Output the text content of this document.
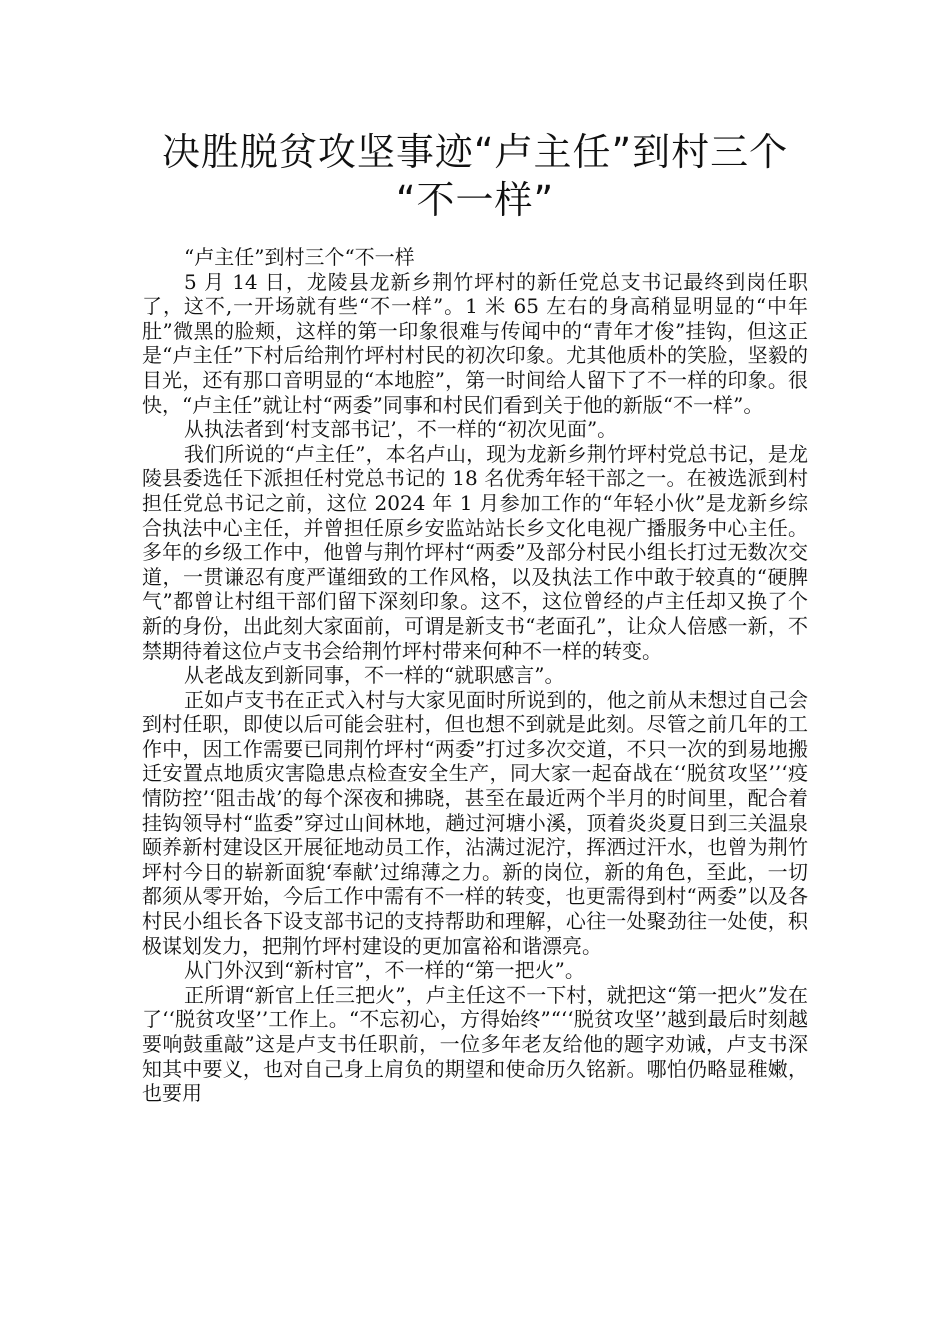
决胜脱贫攻坚事迹“卢主任”到村三个
“不一样”

“卢主任”到村三个“不一样

5 月 14 日，龙陵县龙新乡荆竹坪村的新任党总支书记最终到岗任职了，这不,一开场就有些“不一样”。1 米 65 左右的身高稍显明显的“中年肚”微黑的脸颊，这样的第一印象很难与传闻中的“青年才俊”挂钩，但这正是“卢主任”下村后给荆竹坪村村民的初次印象。尤其他质朴的笑脸，坚毅的目光，还有那口音明显的“本地腔”，第一时间给人留下了不一样的印象。很快，“卢主任”就让村“两委”同事和村民们看到关于他的新版“不一样”。

从执法者到‘村支部书记’，不一样的“初次见面”。

我们所说的“卢主任”，本名卢山，现为龙新乡荆竹坪村党总书记，是龙陵县委选任下派担任村党总书记的 18 名优秀年轻干部之一。在被选派到村担任党总书记之前，这位 2024 年 1 月参加工作的“年轻小伙”是龙新乡综合执法中心主任，并曾担任原乡安监站站长乡文化电视广播服务中心主任。多年的乡级工作中，他曾与荆竹坪村“两委”及部分村民小组长打过无数次交道，一贯谦忍有度严谨细致的工作风格，以及执法工作中敢于较真的“硬脾气”都曾让村组干部们留下深刻印象。这不，这位曾经的卢主任却又换了个新的身份，出此刻大家面前，可谓是新支书“老面孔”，让众人倍感一新，不禁期待着这位卢支书会给荆竹坪村带来何种不一样的转变。

从老战友到新同事，不一样的“就职感言”。

正如卢支书在正式入村与大家见面时所说到的，他之前从未想过自己会到村任职，即使以后可能会驻村，但也想不到就是此刻。尽管之前几年的工作中，因工作需要已同荆竹坪村“两委”打过多次交道，不只一次的到易地搬迁安置点地质灾害隐患点检查安全生产，同大家一起奋战在‘‘脱贫攻坚’’‘疫情防控’‘阻击战’的每个深夜和拂晓，甚至在最近两个半月的时间里，配合着挂钩领导村“监委”穿过山间林地，趟过河塘小溪，顶着炎炎夏日到三关温泉颐养新村建设区开展征地动员工作，沾满过泥泞，挥洒过汗水，也曾为荆竹坪村今日的崭新面貌‘奉献’过绵薄之力。新的岗位，新的角色，至此，一切都须从零开始，今后工作中需有不一样的转变，也更需得到村“两委”以及各村民小组长各下设支部书记的支持帮助和理解，心往一处聚劲往一处使，积极谋划发力，把荆竹坪村建设的更加富裕和谐漂亮。

从门外汉到“新村官”，不一样的“第一把火”。

正所谓“新官上任三把火”，卢主任这不一下村，就把这“第一把火”发在了‘‘脱贫攻坚’’工作上。“不忘初心，方得始终”“‘‘脱贫攻坚’’越到最后时刻越要响鼓重敲”这是卢支书任职前，一位多年老友给他的题字劝诫，卢支书深知其中要义，也对自己身上肩负的期望和使命历久铭新。哪怕仍略显稚嫩，也要用
